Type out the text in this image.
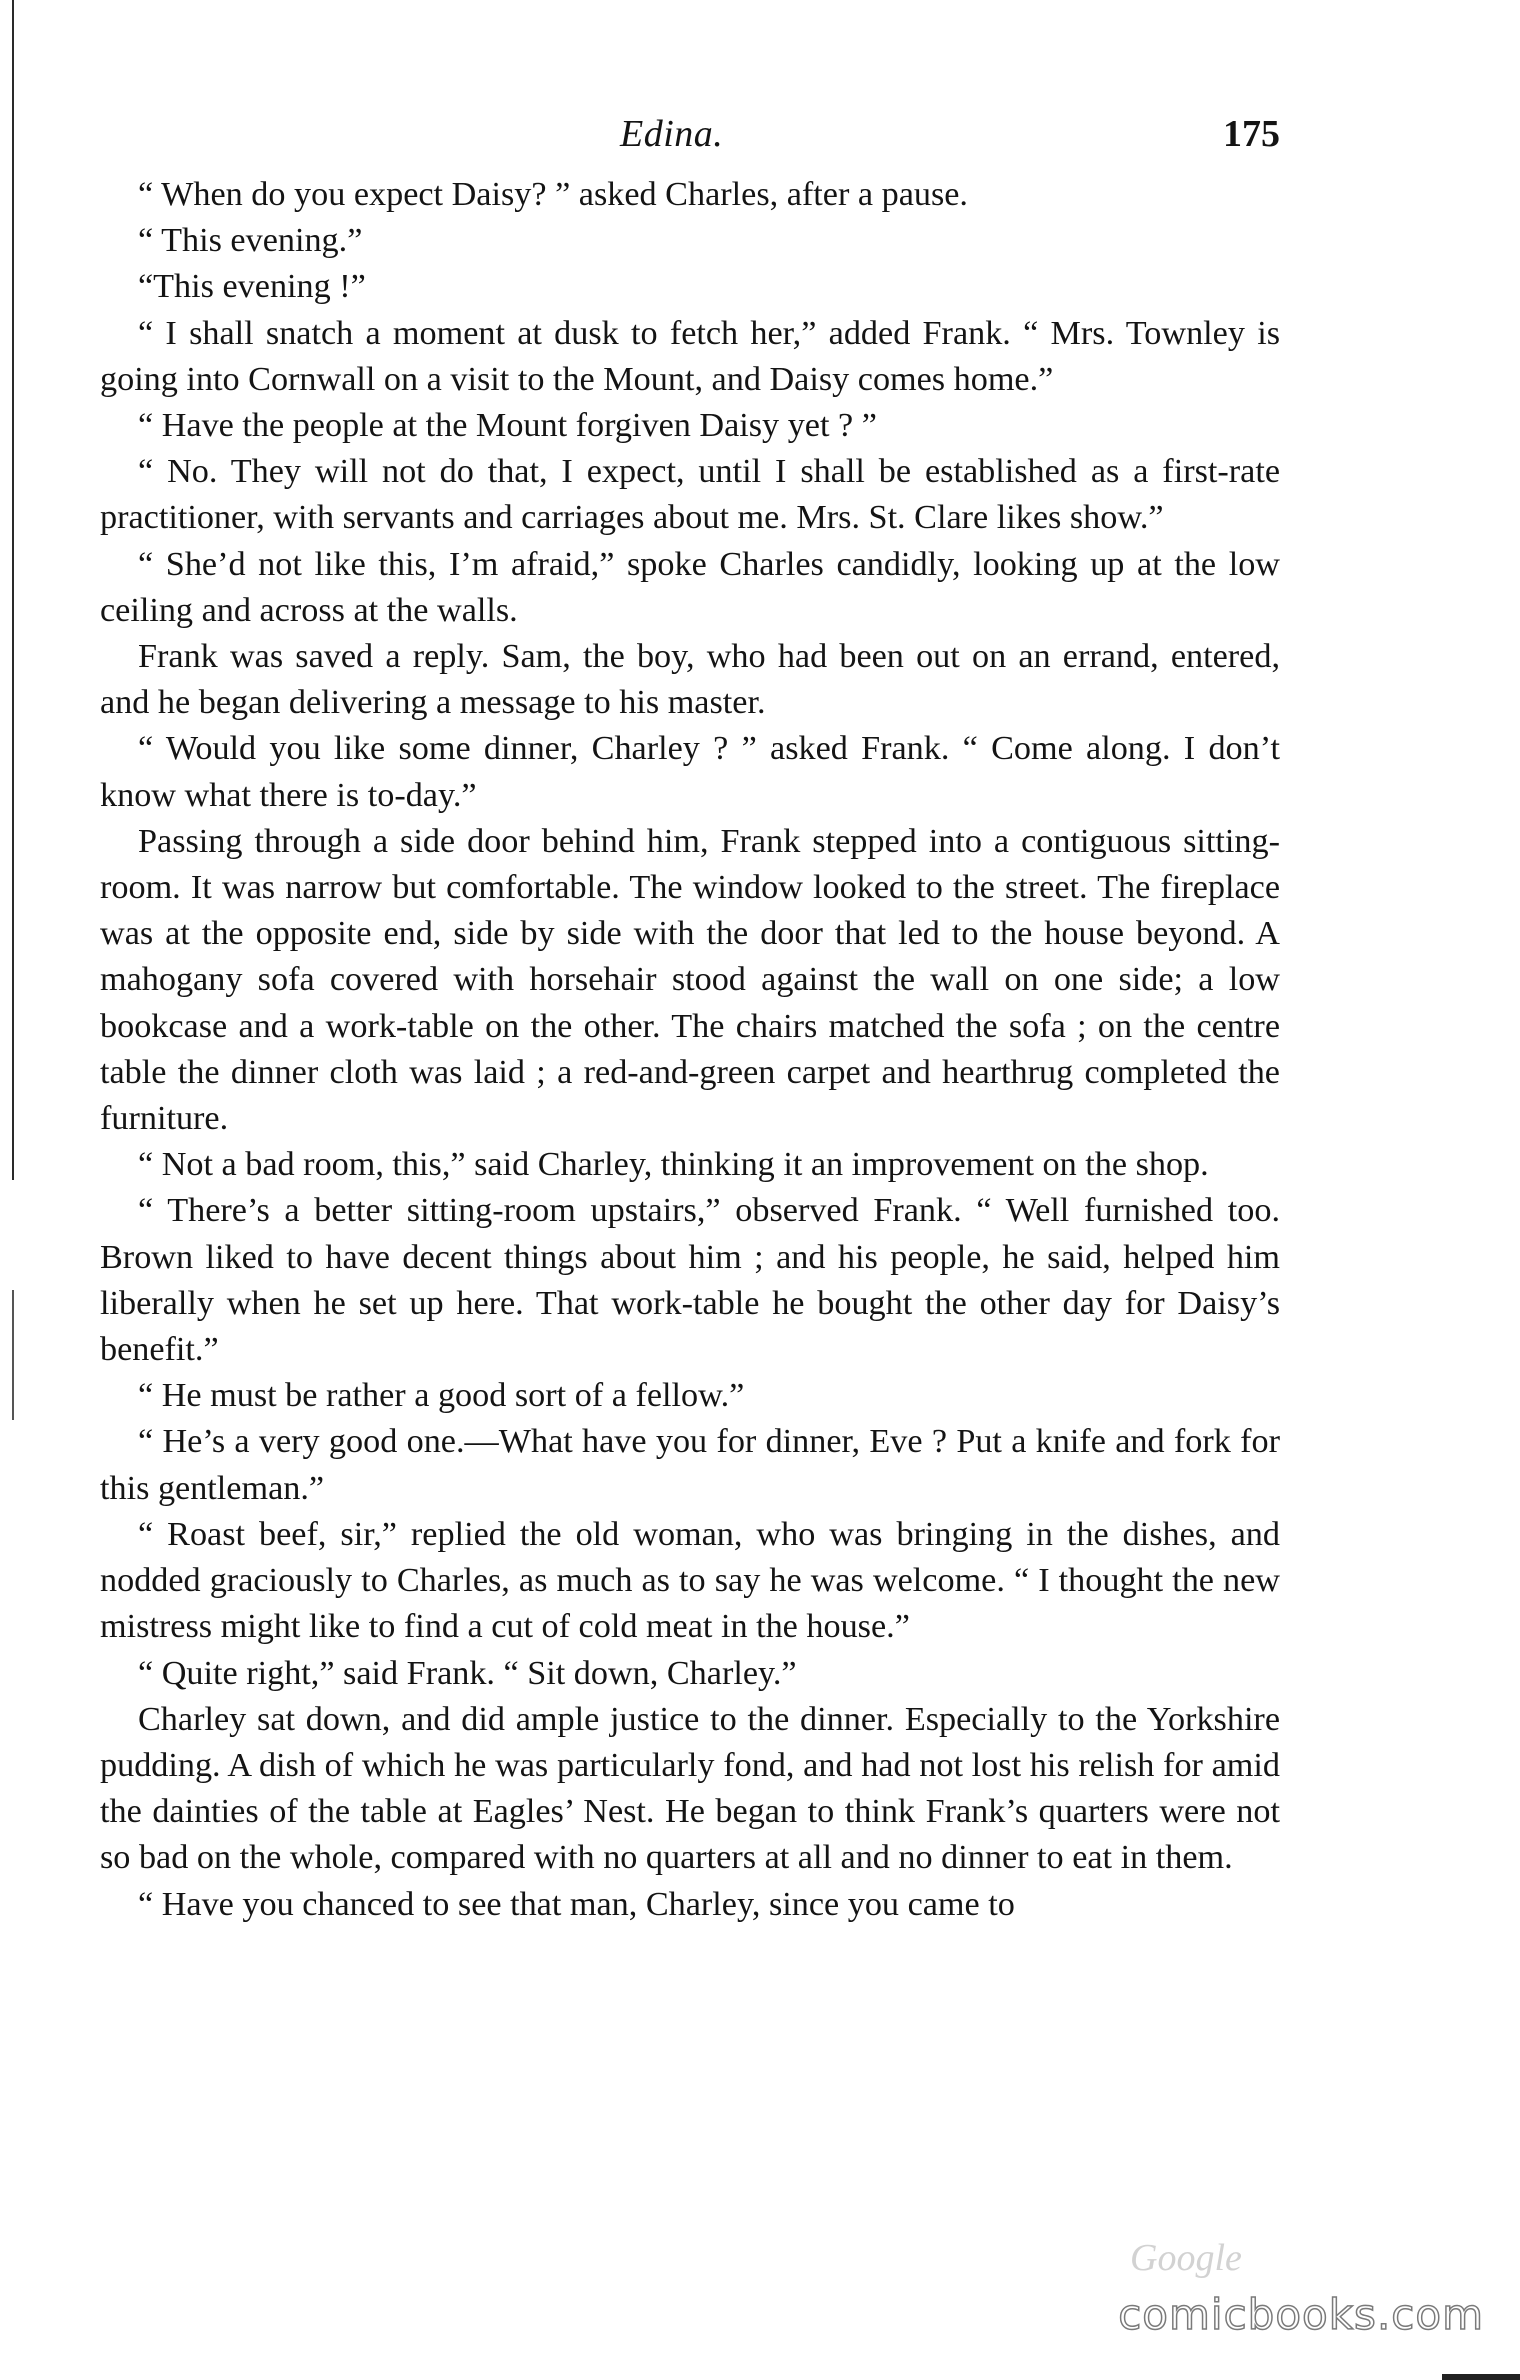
Edina.	175

“ When do you expect Daisy? ” asked Charles, after a pause.

“ This evening.”

“This evening !”

“ I shall snatch a moment at dusk to fetch her,” added Frank. “ Mrs. Townley is going into Cornwall on a visit to the Mount, and Daisy comes home.”

“ Have the people at the Mount forgiven Daisy yet ? ”

“ No. They will not do that, I expect, until I shall be established as a first-rate practitioner, with servants and carriages about me. Mrs. St. Clare likes show.”

“ She’d not like this, I’m afraid,” spoke Charles candidly, looking up at the low ceiling and across at the walls.

Frank was saved a reply. Sam, the boy, who had been out on an errand, entered, and he began delivering a message to his master.

“ Would you like some dinner, Charley ? ” asked Frank. “ Come along. I don’t know what there is to-day.”

Passing through a side door behind him, Frank stepped into a contiguous sitting-room. It was narrow but comfortable. The window looked to the street. The fireplace was at the opposite end, side by side with the door that led to the house beyond. A mahogany sofa covered with horsehair stood against the wall on one side; a low bookcase and a work-table on the other. The chairs matched the sofa ; on the centre table the dinner cloth was laid ; a red-and-green carpet and hearthrug completed the furniture.

“ Not a bad room, this,” said Charley, thinking it an improvement on the shop.

“ There’s a better sitting-room upstairs,” observed Frank. “ Well furnished too. Brown liked to have decent things about him ; and his people, he said, helped him liberally when he set up here. That work-table he bought the other day for Daisy’s benefit.”

“ He must be rather a good sort of a fellow.”

“ He’s a very good one.—What have you for dinner, Eve ? Put a knife and fork for this gentleman.”

“ Roast beef, sir,” replied the old woman, who was bringing in the dishes, and nodded graciously to Charles, as much as to say he was welcome. “ I thought the new mistress might like to find a cut of cold meat in the house.”

“ Quite right,” said Frank. “ Sit down, Charley.”

Charley sat down, and did ample justice to the dinner. Especially to the Yorkshire pudding. A dish of which he was particularly fond, and had not lost his relish for amid the dainties of the table at Eagles’ Nest. He began to think Frank’s quarters were not so bad on the whole, compared with no quarters at all and no dinner to eat in them.

“ Have you chanced to see that man, Charley, since you came to

Google
comicbooks.com
